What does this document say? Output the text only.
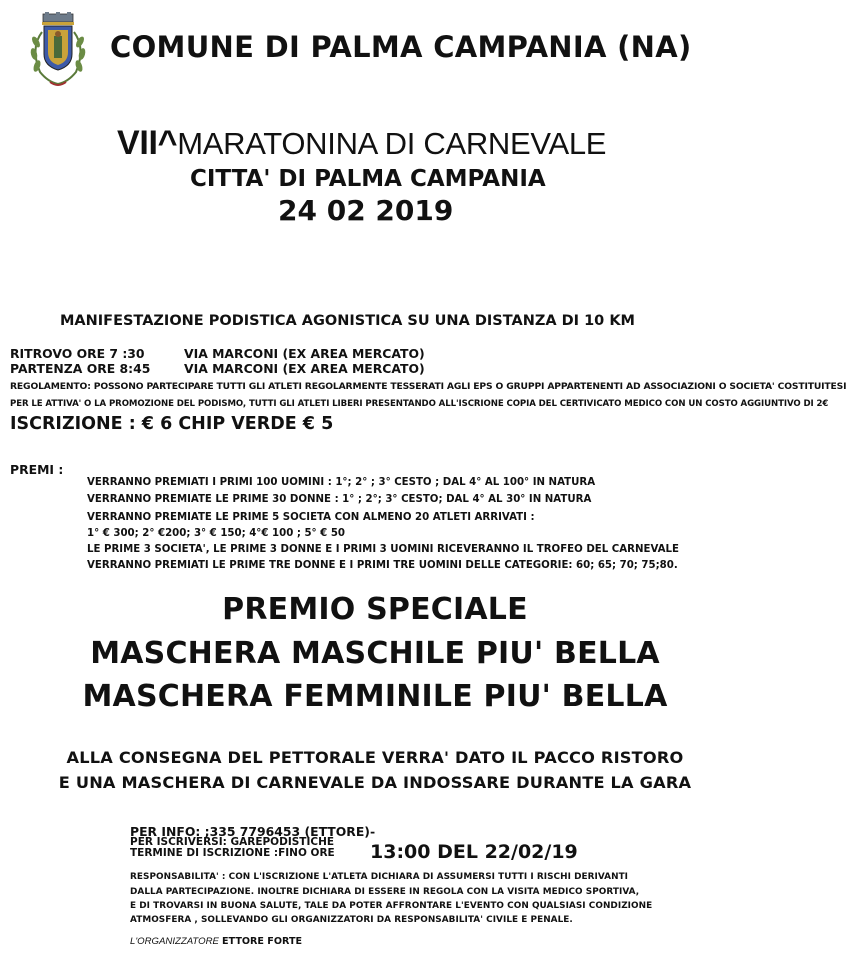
COMUNE DI PALMA CAMPANIA (NA)
VII^MARATONINA DI CARNEVALE
CITTA' DI PALMA CAMPANIA
24 02 2019
MANIFESTAZIONE PODISTICA AGONISTICA SU UNA DISTANZA DI 10 KM
RITROVO ORE 7 :30	VIA MARCONI (EX AREA MERCATO)
PARTENZA ORE 8:45	VIA MARCONI (EX AREA MERCATO)
REGOLAMENTO: POSSONO PARTECIPARE TUTTI GLI ATLETI REGOLARMENTE TESSERATI AGLI EPS O GRUPPI APPARTENENTI AD ASSOCIAZIONI O SOCIETA' COSTITUITESI
PER LE ATTIVA' O LA PROMOZIONE DEL PODISMO, TUTTI GLI ATLETI LIBERI PRESENTANDO ALL'ISCRIONE COPIA DEL CERTIVICATO MEDICO CON UN COSTO AGGIUNTIVO DI 2€
ISCRIZIONE : € 6 CHIP VERDE € 5
PREMI :
VERRANNO PREMIATI I PRIMI 100 UOMINI : 1°; 2° ; 3° CESTO ; DAL 4° AL 100° IN NATURA
VERRANNO PREMIATE LE PRIME 30 DONNE : 1° ; 2°; 3° CESTO; DAL 4° AL 30° IN NATURA
VERRANNO PREMIATE LE PRIME 5 SOCIETA CON ALMENO 20 ATLETI ARRIVATI :
1° € 300; 2° €200; 3° € 150; 4°€ 100 ; 5° € 50
LE PRIME 3 SOCIETA', LE PRIME 3 DONNE E I PRIMI 3 UOMINI RICEVERANNO IL TROFEO DEL CARNEVALE
VERRANNO PREMIATI LE PRIME TRE DONNE E I PRIMI TRE UOMINI DELLE CATEGORIE: 60; 65; 70; 75;80.
PREMIO SPECIALE
MASCHERA MASCHILE PIU' BELLA
MASCHERA FEMMINILE PIU' BELLA
ALLA CONSEGNA DEL PETTORALE VERRA' DATO IL PACCO RISTORO
E UNA MASCHERA DI CARNEVALE DA INDOSSARE DURANTE LA GARA
PER INFO: ;335 7796453 (ETTORE)-
PER ISCRIVERSI: GAREPODISTICHE
TERMINE DI ISCRIZIONE :FINO ORE 13:00 DEL 22/02/19
RESPONSABILITA' : CON L'ISCRIZIONE L'ATLETA DICHIARA DI ASSUMERSI TUTTI I RISCHI DERIVANTI
DALLA PARTECIPAZIONE. INOLTRE DICHIARA DI ESSERE IN REGOLA CON LA VISITA MEDICO SPORTIVA,
E DI TROVARSI IN BUONA SALUTE, TALE DA POTER AFFRONTARE L'EVENTO CON QUALSIASI CONDIZIONE
ATMOSFERA , SOLLEVANDO GLI ORGANIZZATORI DA RESPONSABILITA' CIVILE E PENALE.
L'ORGANIZZATORE ETTORE FORTE
